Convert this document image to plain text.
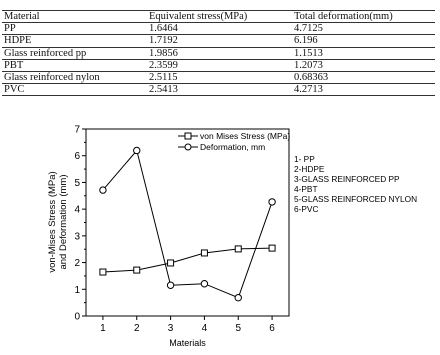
Material	Equivalent stress(MPa)	Total deformation(mm)
PP	1.6464	4.7125
HDPE	1.7192	6.196
Glass reinforced pp	1.9856	1.1513
PBT	2.3599	1.2073
Glass reinforced nylon	2.5115	0.68363
PVC	2.5413	4.2713
1	2	3	4	5	6
0
1
2
3
4
5
6
7
Materials
von-Mises Stress (MPa) and Deformation (mm)
von Mises Stress (MPa)
Deformation, mm
1- PP
2-HDPE
3-GLASS REINFORCED PP
4-PBT
5-GLASS REINFORCED NYLON
6-PVC
